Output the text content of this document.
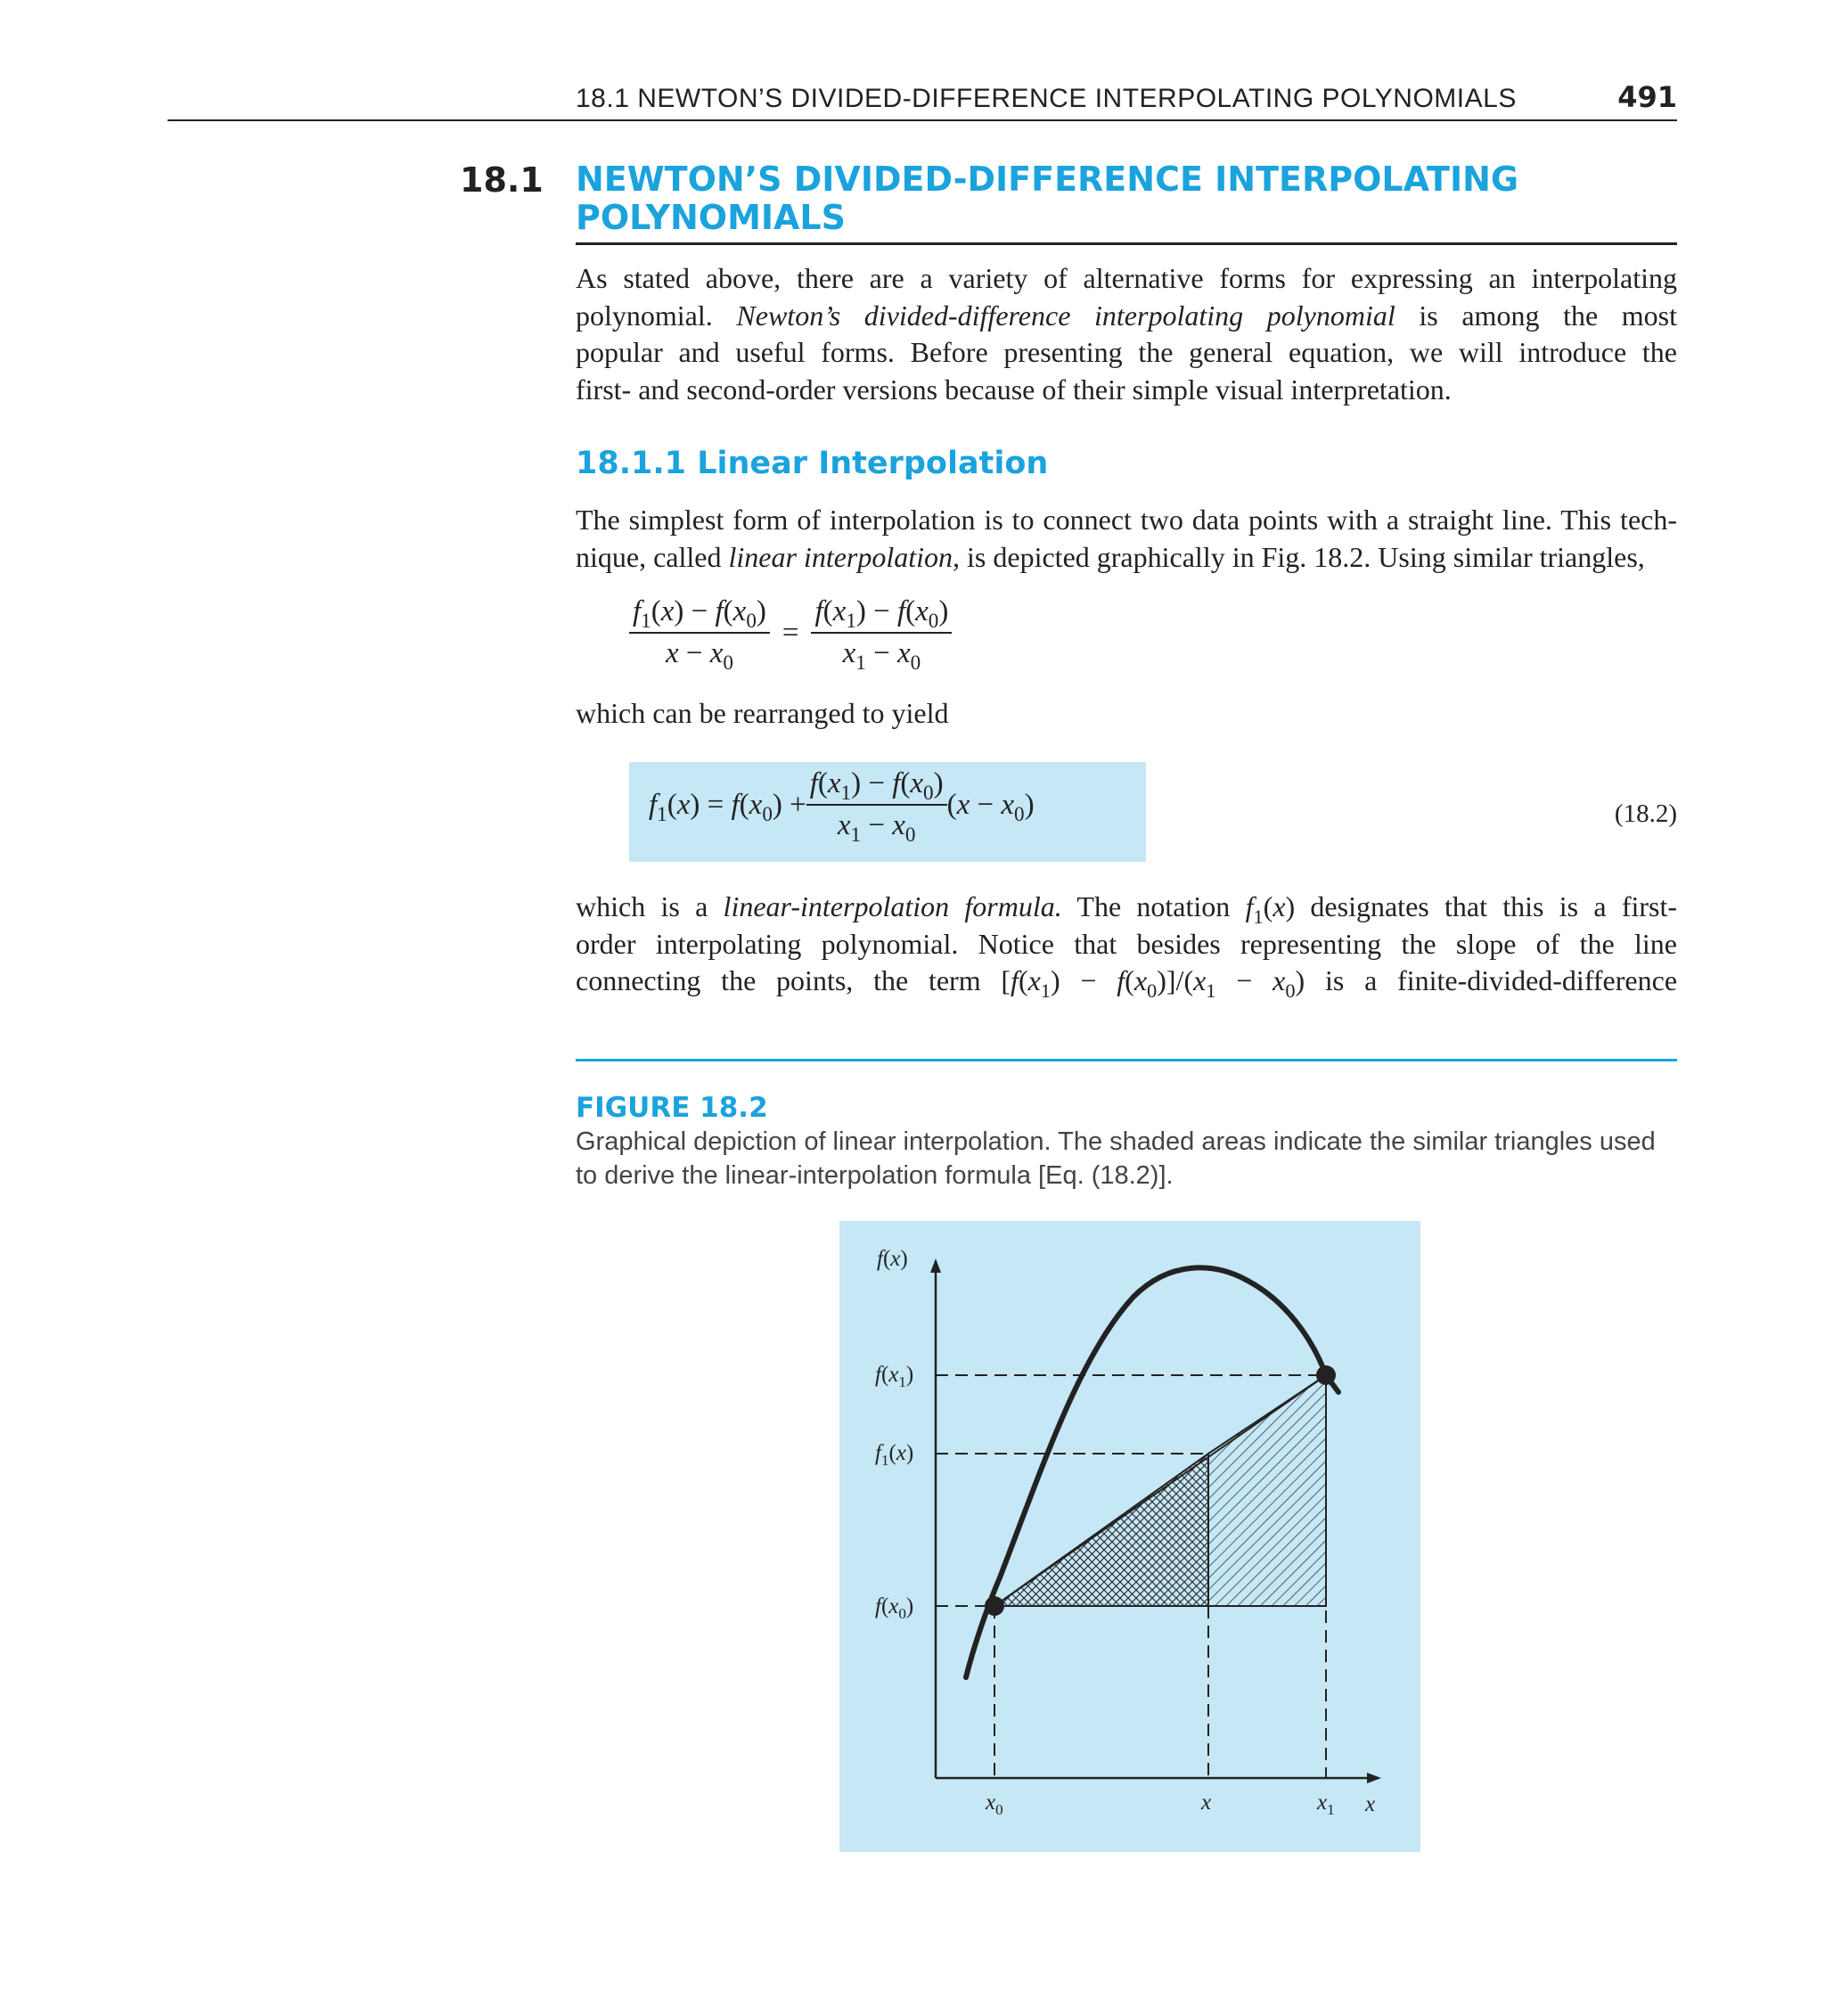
18.1 NEWTON’S DIVIDED-DIFFERENCE INTERPOLATING POLYNOMIALS	491
18.1 NEWTON’S DIVIDED-DIFFERENCE INTERPOLATING
POLYNOMIALS
As stated above, there are a variety of alternative forms for expressing an interpolating
polynomial. Newton’s divided-difference interpolating polynomial is among the most
popular and useful forms. Before presenting the general equation, we will introduce the
first- and second-order versions because of their simple visual interpretation.
18.1.1 Linear Interpolation
The simplest form of interpolation is to connect two data points with a straight line. This tech-
nique, called linear interpolation, is depicted graphically in Fig. 18.2. Using similar triangles,
$\frac{f_1(x) - f(x_0)}{x - x_0} = \frac{f(x_1) - f(x_0)}{x_1 - x_0}$
which can be rearranged to yield
$f_1(x) = f(x_0) + \frac{f(x_1) - f(x_0)}{x_1 - x_0} (x - x_0)$	(18.2)
which is a linear-interpolation formula. The notation $f_1(x)$ designates that this is a first-
order interpolating polynomial. Notice that besides representing the slope of the line
connecting the points, the term $[f(x_1) - f(x_0)]/(x_1 - x_0)$ is a finite-divided-difference
FIGURE 18.2
Graphical depiction of linear interpolation. The shaded areas indicate the similar triangles used
to derive the linear-interpolation formula [Eq. (18.2)].
f(x)
$f(x_1)$
$f_1(x)$
$f(x_0)$
$x_0$	x	$x_1$ x
